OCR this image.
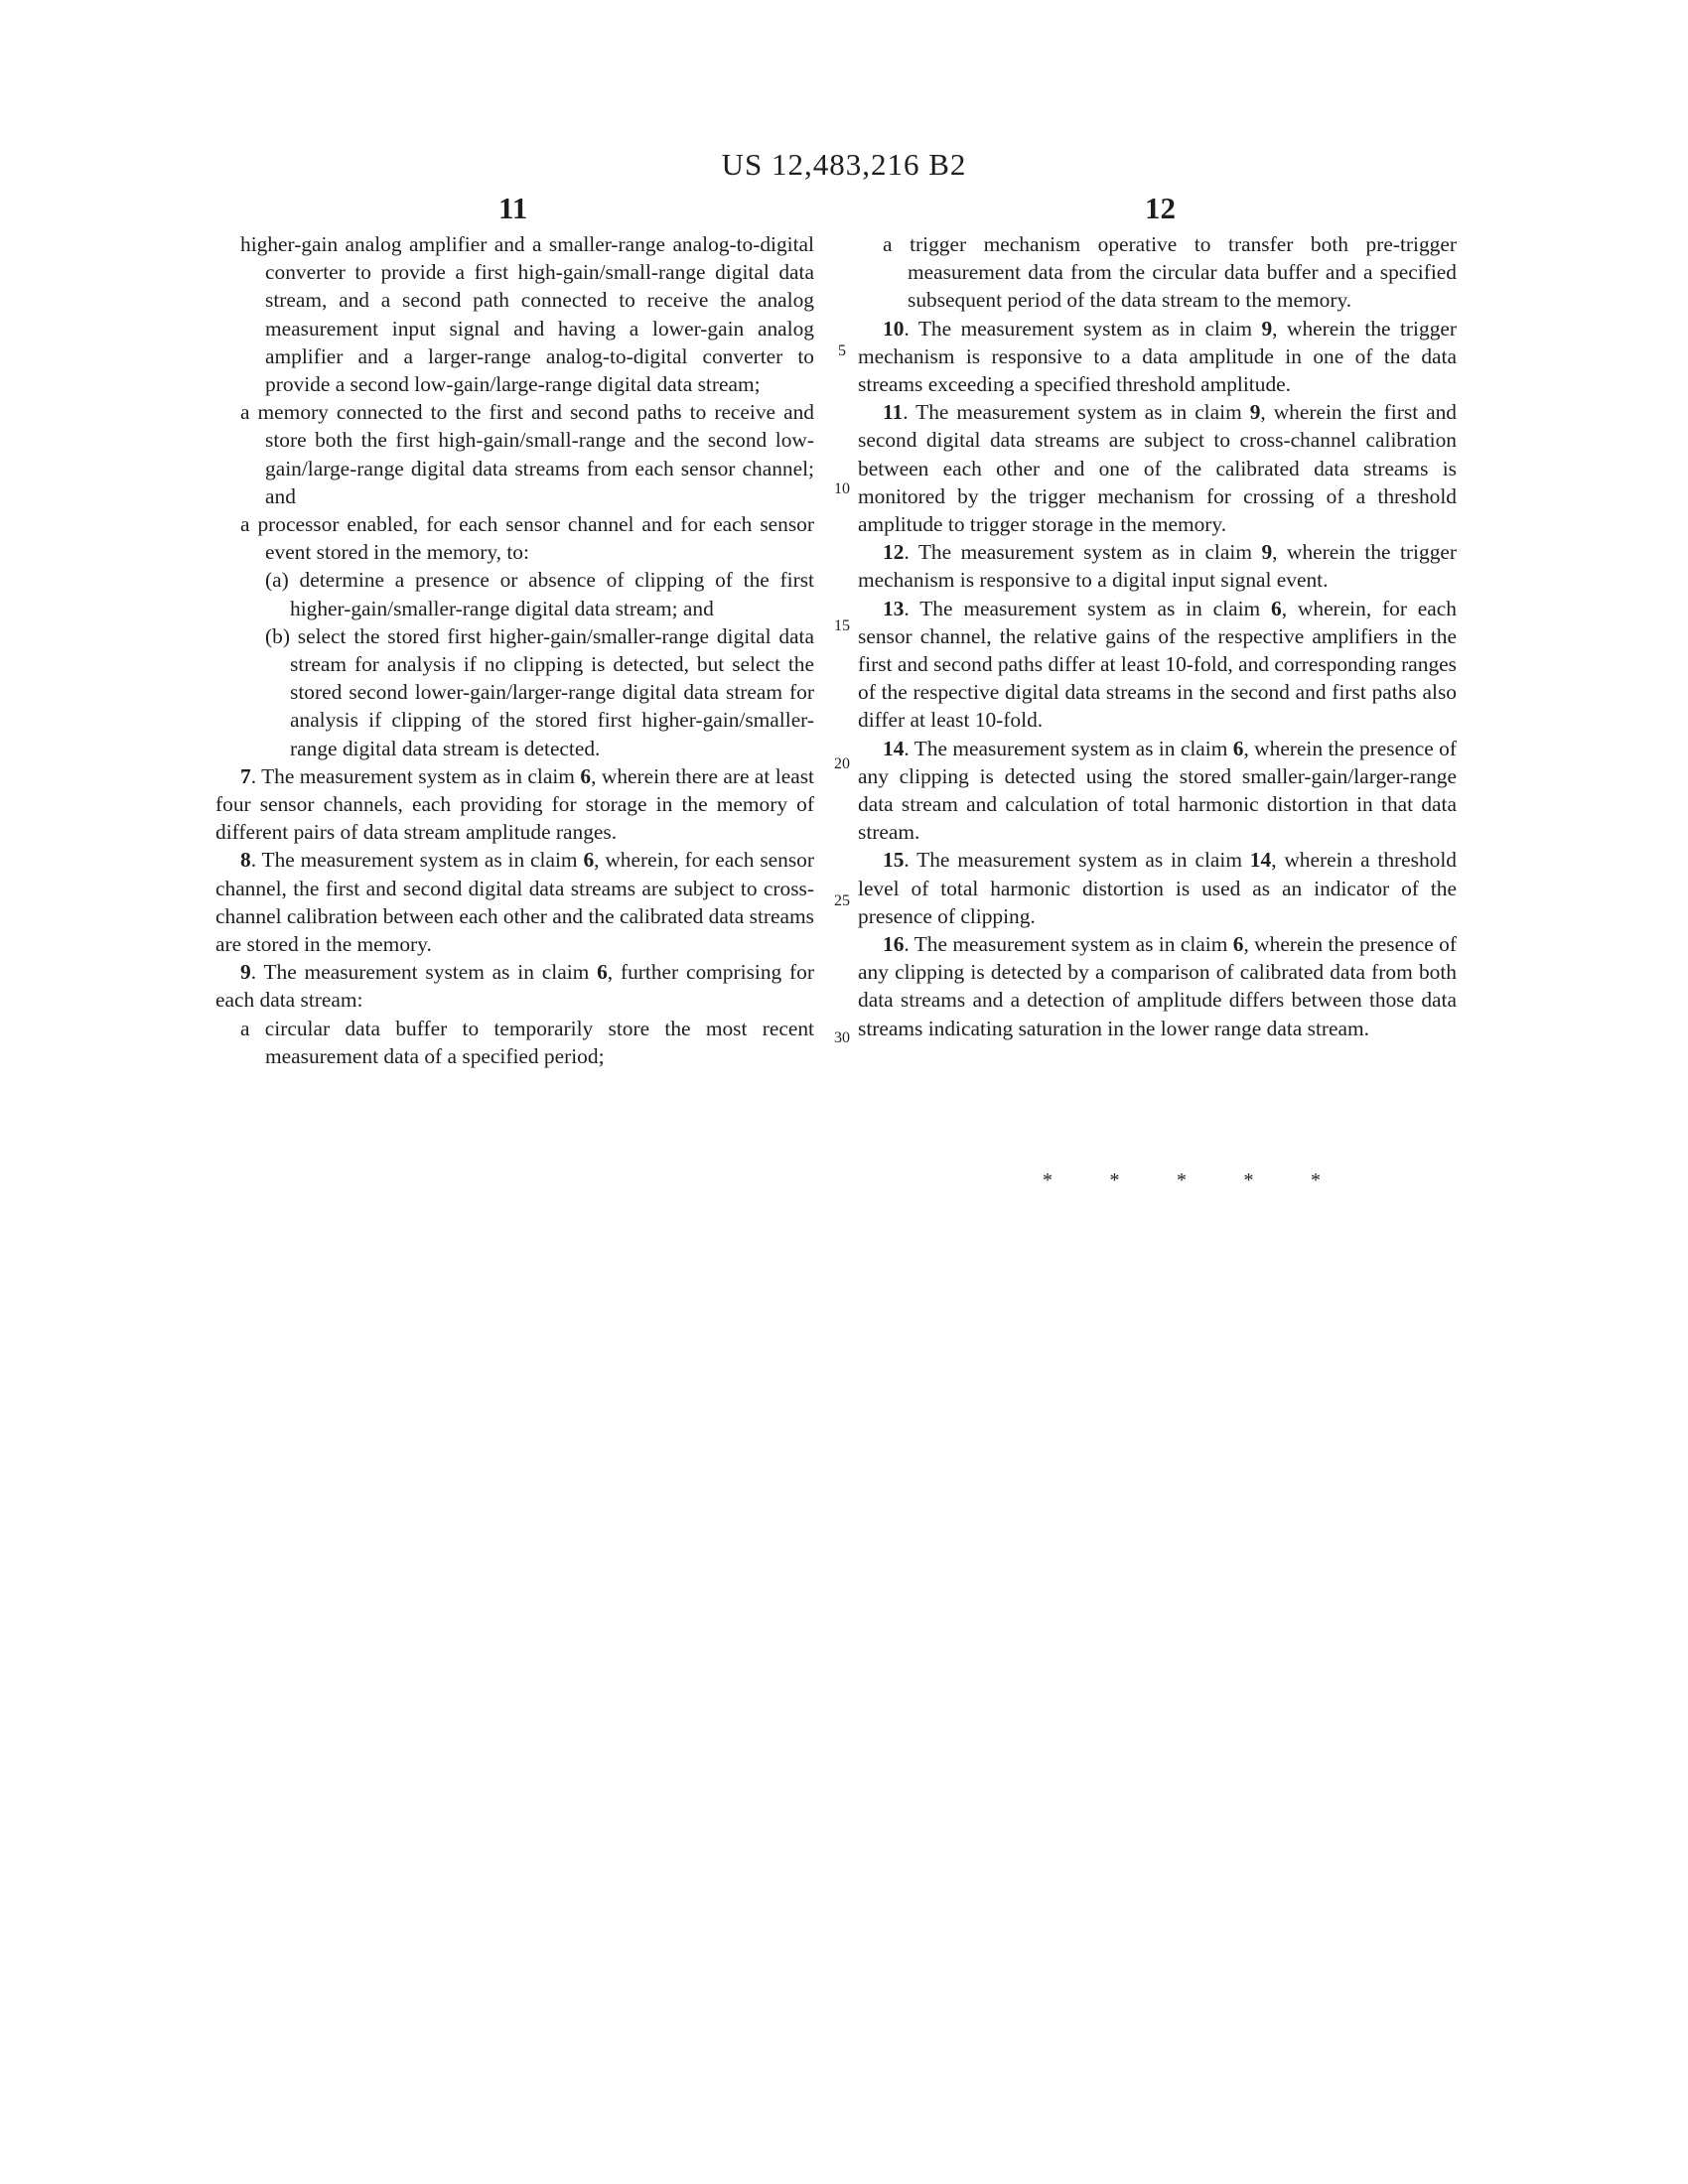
US 12,483,216 B2
11	12

higher-gain analog amplifier and a smaller-range analog-to-digital converter to provide a first high-gain/small-range digital data stream, and a second path connected to receive the analog measurement input signal and having a lower-gain analog amplifier and a larger-range analog-to-digital converter to provide a second low-gain/large-range digital data stream;

a memory connected to the first and second paths to receive and store both the first high-gain/small-range and the second low-gain/large-range digital data streams from each sensor channel; and

a processor enabled, for each sensor channel and for each sensor event stored in the memory, to:

(a) determine a presence or absence of clipping of the first higher-gain/smaller-range digital data stream; and

(b) select the stored first higher-gain/smaller-range digital data stream for analysis if no clipping is detected, but select the stored second lower-gain/larger-range digital data stream for analysis if clipping of the stored first higher-gain/smaller-range digital data stream is detected.

7. The measurement system as in claim 6, wherein there are at least four sensor channels, each providing for storage in the memory of different pairs of data stream amplitude ranges.

8. The measurement system as in claim 6, wherein, for each sensor channel, the first and second digital data streams are subject to cross-channel calibration between each other and the calibrated data streams are stored in the memory.

9. The measurement system as in claim 6, further comprising for each data stream:

a circular data buffer to temporarily store the most recent measurement data of a specified period;

a trigger mechanism operative to transfer both pre-trigger measurement data from the circular data buffer and a specified subsequent period of the data stream to the memory.

10. The measurement system as in claim 9, wherein the trigger mechanism is responsive to a data amplitude in one of the data streams exceeding a specified threshold amplitude.

11. The measurement system as in claim 9, wherein the first and second digital data streams are subject to cross-channel calibration between each other and one of the calibrated data streams is monitored by the trigger mechanism for crossing of a threshold amplitude to trigger storage in the memory.

12. The measurement system as in claim 9, wherein the trigger mechanism is responsive to a digital input signal event.

13. The measurement system as in claim 6, wherein, for each sensor channel, the relative gains of the respective amplifiers in the first and second paths differ at least 10-fold, and corresponding ranges of the respective digital data streams in the second and first paths also differ at least 10-fold.

14. The measurement system as in claim 6, wherein the presence of any clipping is detected using the stored smaller-gain/larger-range data stream and calculation of total harmonic distortion in that data stream.

15. The measurement system as in claim 14, wherein a threshold level of total harmonic distortion is used as an indicator of the presence of clipping.

16. The measurement system as in claim 6, wherein the presence of any clipping is detected by a comparison of calibrated data from both data streams and a detection of amplitude differs between those data streams indicating saturation in the lower range data stream.

5
10
15
20
25
30
*	*	*	*	*
